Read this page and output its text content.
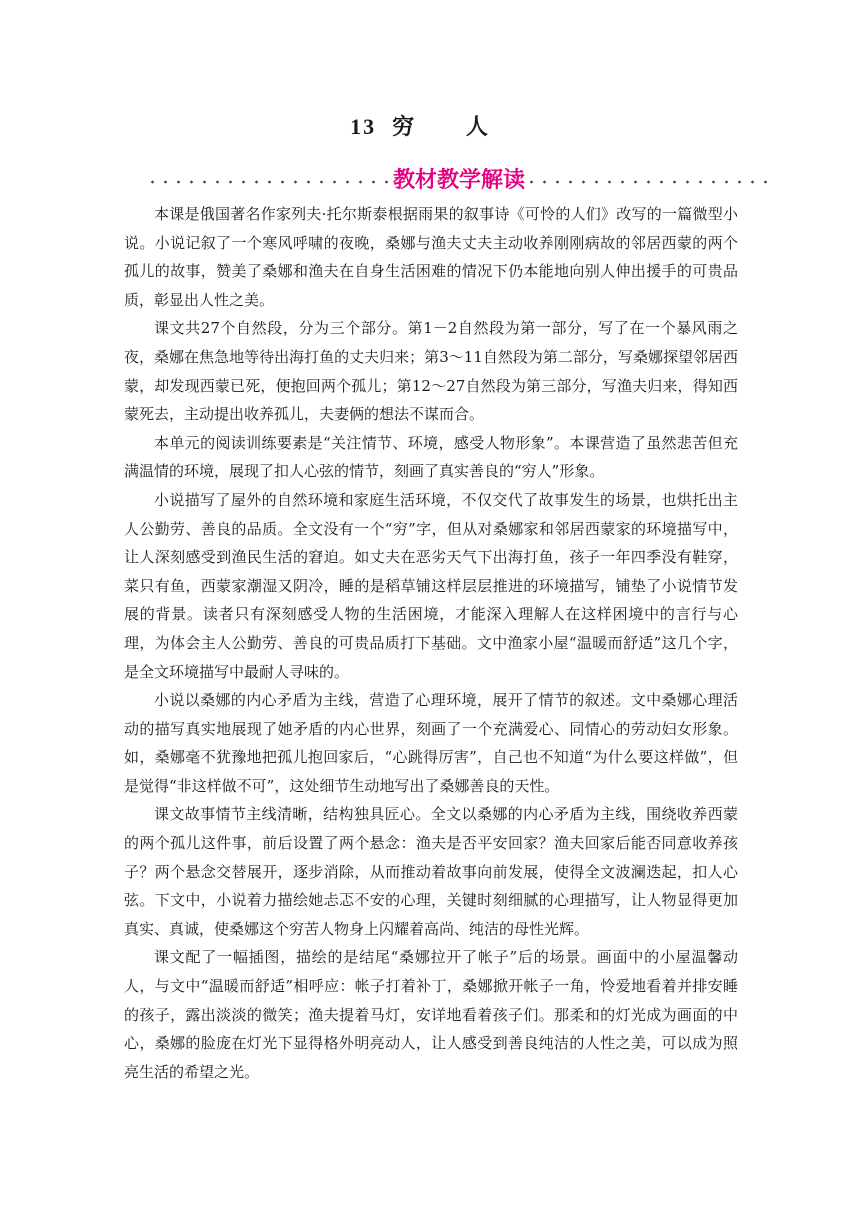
13 穷 人
教材教学解读

本课是俄国著名作家列夫·托尔斯泰根据雨果的叙事诗《可怜的人们》改写的一篇微型小说。小说记叙了一个寒风呼啸的夜晚，桑娜与渔夫丈夫主动收养刚刚病故的邻居西蒙的两个孤儿的故事，赞美了桑娜和渔夫在自身生活困难的情况下仍本能地向别人伸出援手的可贵品质，彰显出人性之美。

课文共27个自然段，分为三个部分。第1－2自然段为第一部分，写了在一个暴风雨之夜，桑娜在焦急地等待出海打鱼的丈夫归来；第3～11自然段为第二部分，写桑娜探望邻居西蒙，却发现西蒙已死，便抱回两个孤儿；第12～27自然段为第三部分，写渔夫归来，得知西蒙死去，主动提出收养孤儿，夫妻俩的想法不谋而合。

本单元的阅读训练要素是“关注情节、环境，感受人物形象”。本课营造了虽然悲苦但充满温情的环境，展现了扣人心弦的情节，刻画了真实善良的“穷人”形象。

小说描写了屋外的自然环境和家庭生活环境，不仅交代了故事发生的场景，也烘托出主人公勤劳、善良的品质。全文没有一个“穷”字，但从对桑娜家和邻居西蒙家的环境描写中，让人深刻感受到渔民生活的窘迫。如丈夫在恶劣天气下出海打鱼，孩子一年四季没有鞋穿，菜只有鱼，西蒙家潮湿又阴冷，睡的是稻草铺这样层层推进的环境描写，铺垫了小说情节发展的背景。读者只有深刻感受人物的生活困境，才能深入理解人在这样困境中的言行与心理，为体会主人公勤劳、善良的可贵品质打下基础。文中渔家小屋“温暖而舒适”这几个字，是全文环境描写中最耐人寻味的。

小说以桑娜的内心矛盾为主线，营造了心理环境，展开了情节的叙述。文中桑娜心理活动的描写真实地展现了她矛盾的内心世界，刻画了一个充满爱心、同情心的劳动妇女形象。如，桑娜毫不犹豫地把孤儿抱回家后，“心跳得厉害”，自己也不知道“为什么要这样做”，但是觉得“非这样做不可”，这处细节生动地写出了桑娜善良的天性。

课文故事情节主线清晰，结构独具匠心。全文以桑娜的内心矛盾为主线，围绕收养西蒙的两个孤儿这件事，前后设置了两个悬念：渔夫是否平安回家？渔夫回家后能否同意收养孩子？两个悬念交替展开，逐步消除，从而推动着故事向前发展，使得全文波澜迭起，扣人心弦。下文中，小说着力描绘她忐忑不安的心理，关键时刻细腻的心理描写，让人物显得更加真实、真诚，使桑娜这个穷苦人物身上闪耀着高尚、纯洁的母性光辉。

课文配了一幅插图，描绘的是结尾“桑娜拉开了帐子”后的场景。画面中的小屋温馨动人，与文中“温暖而舒适”相呼应：帐子打着补丁，桑娜掀开帐子一角，怜爱地看着并排安睡的孩子，露出淡淡的微笑；渔夫提着马灯，安详地看着孩子们。那柔和的灯光成为画面的中心，桑娜的脸庞在灯光下显得格外明亮动人，让人感受到善良纯洁的人性之美，可以成为照亮生活的希望之光。
